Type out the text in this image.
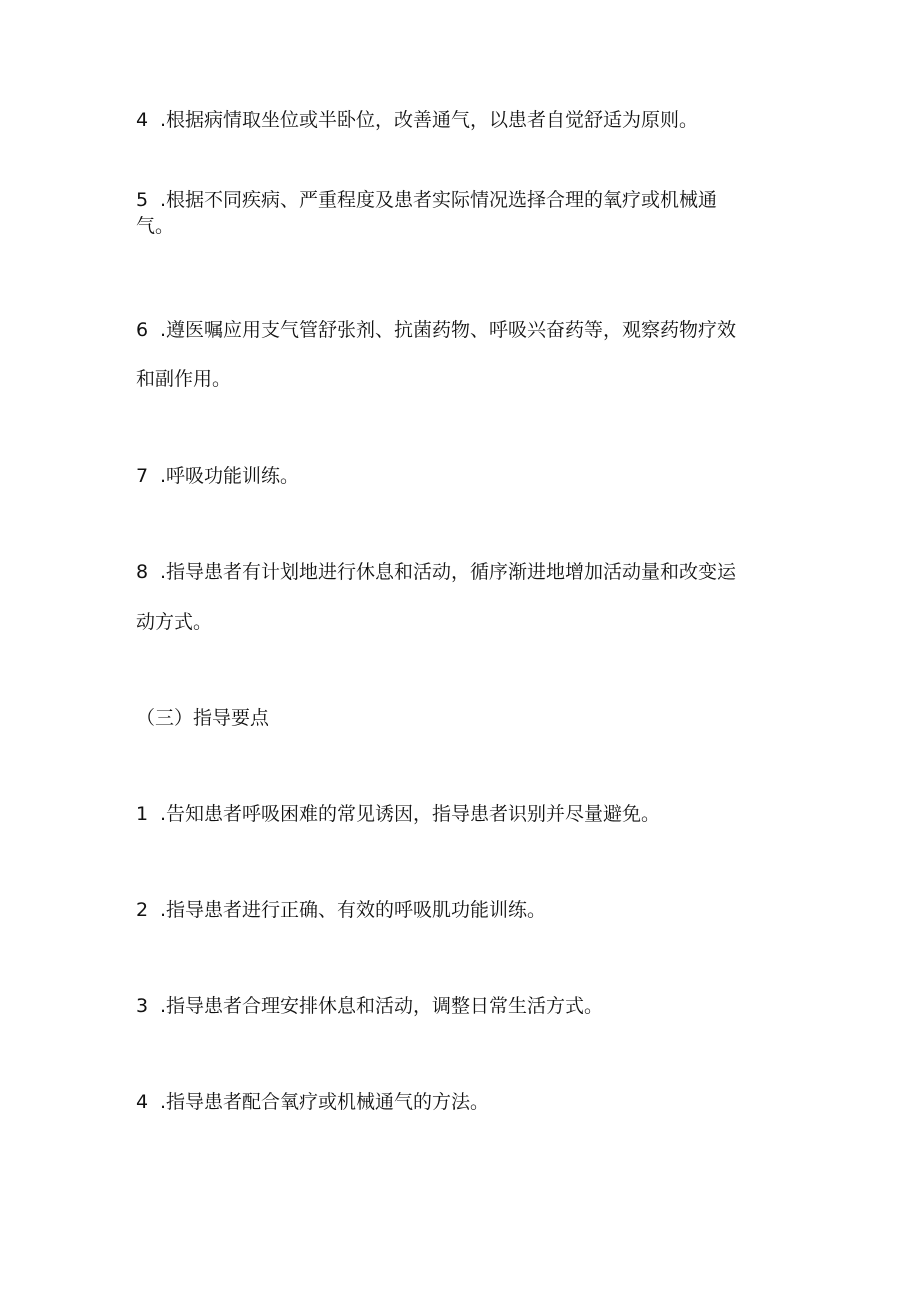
4 .根据病情取坐位或半卧位，改善通气，以患者自觉舒适为原则。
5 .根据不同疾病、严重程度及患者实际情况选择合理的氧疗或机械通
气。
6 .遵医嘱应用支气管舒张剂、抗菌药物、呼吸兴奋药等，观察药物疗效
和副作用。
7 .呼吸功能训练。
8 .指导患者有计划地进行休息和活动，循序渐进地增加活动量和改变运
动方式。
（三）指导要点
1 .告知患者呼吸困难的常见诱因，指导患者识别并尽量避免。
2 .指导患者进行正确、有效的呼吸肌功能训练。
3 .指导患者合理安排休息和活动，调整日常生活方式。
4 .指导患者配合氧疗或机械通气的方法。
